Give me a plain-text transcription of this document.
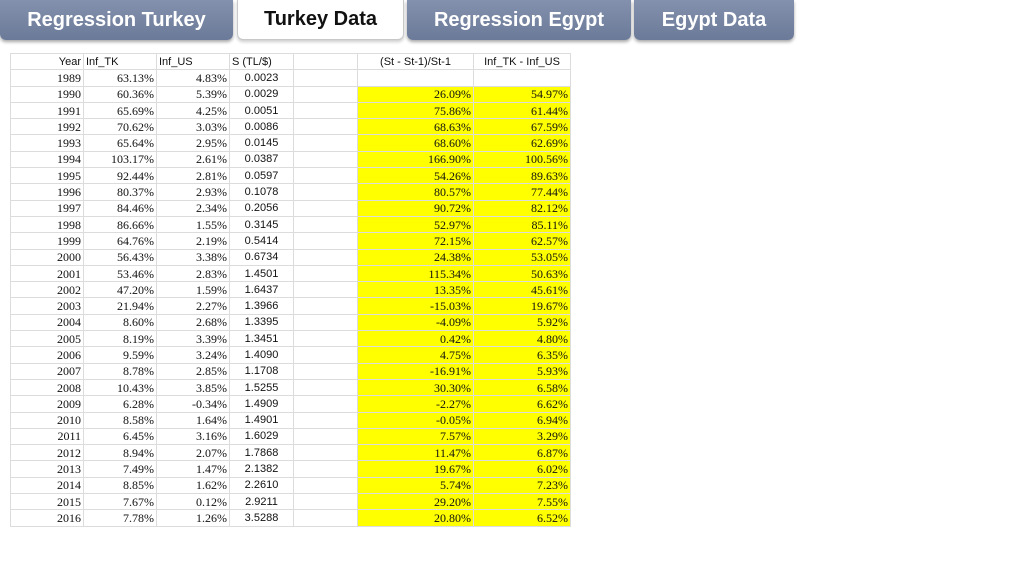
Regression Turkey	Turkey Data	Regression Egypt	Egypt Data
Year	Inf_TK	Inf_US	S (TL/$)		(St - St-1)/St-1	Inf_TK - Inf_US
1989	63.13%	4.83%	0.0023			
1990	60.36%	5.39%	0.0029		26.09%	54.97%
1991	65.69%	4.25%	0.0051		75.86%	61.44%
1992	70.62%	3.03%	0.0086		68.63%	67.59%
1993	65.64%	2.95%	0.0145		68.60%	62.69%
1994	103.17%	2.61%	0.0387		166.90%	100.56%
1995	92.44%	2.81%	0.0597		54.26%	89.63%
1996	80.37%	2.93%	0.1078		80.57%	77.44%
1997	84.46%	2.34%	0.2056		90.72%	82.12%
1998	86.66%	1.55%	0.3145		52.97%	85.11%
1999	64.76%	2.19%	0.5414		72.15%	62.57%
2000	56.43%	3.38%	0.6734		24.38%	53.05%
2001	53.46%	2.83%	1.4501		115.34%	50.63%
2002	47.20%	1.59%	1.6437		13.35%	45.61%
2003	21.94%	2.27%	1.3966		-15.03%	19.67%
2004	8.60%	2.68%	1.3395		-4.09%	5.92%
2005	8.19%	3.39%	1.3451		0.42%	4.80%
2006	9.59%	3.24%	1.4090		4.75%	6.35%
2007	8.78%	2.85%	1.1708		-16.91%	5.93%
2008	10.43%	3.85%	1.5255		30.30%	6.58%
2009	6.28%	-0.34%	1.4909		-2.27%	6.62%
2010	8.58%	1.64%	1.4901		-0.05%	6.94%
2011	6.45%	3.16%	1.6029		7.57%	3.29%
2012	8.94%	2.07%	1.7868		11.47%	6.87%
2013	7.49%	1.47%	2.1382		19.67%	6.02%
2014	8.85%	1.62%	2.2610		5.74%	7.23%
2015	7.67%	0.12%	2.9211		29.20%	7.55%
2016	7.78%	1.26%	3.5288		20.80%	6.52%
